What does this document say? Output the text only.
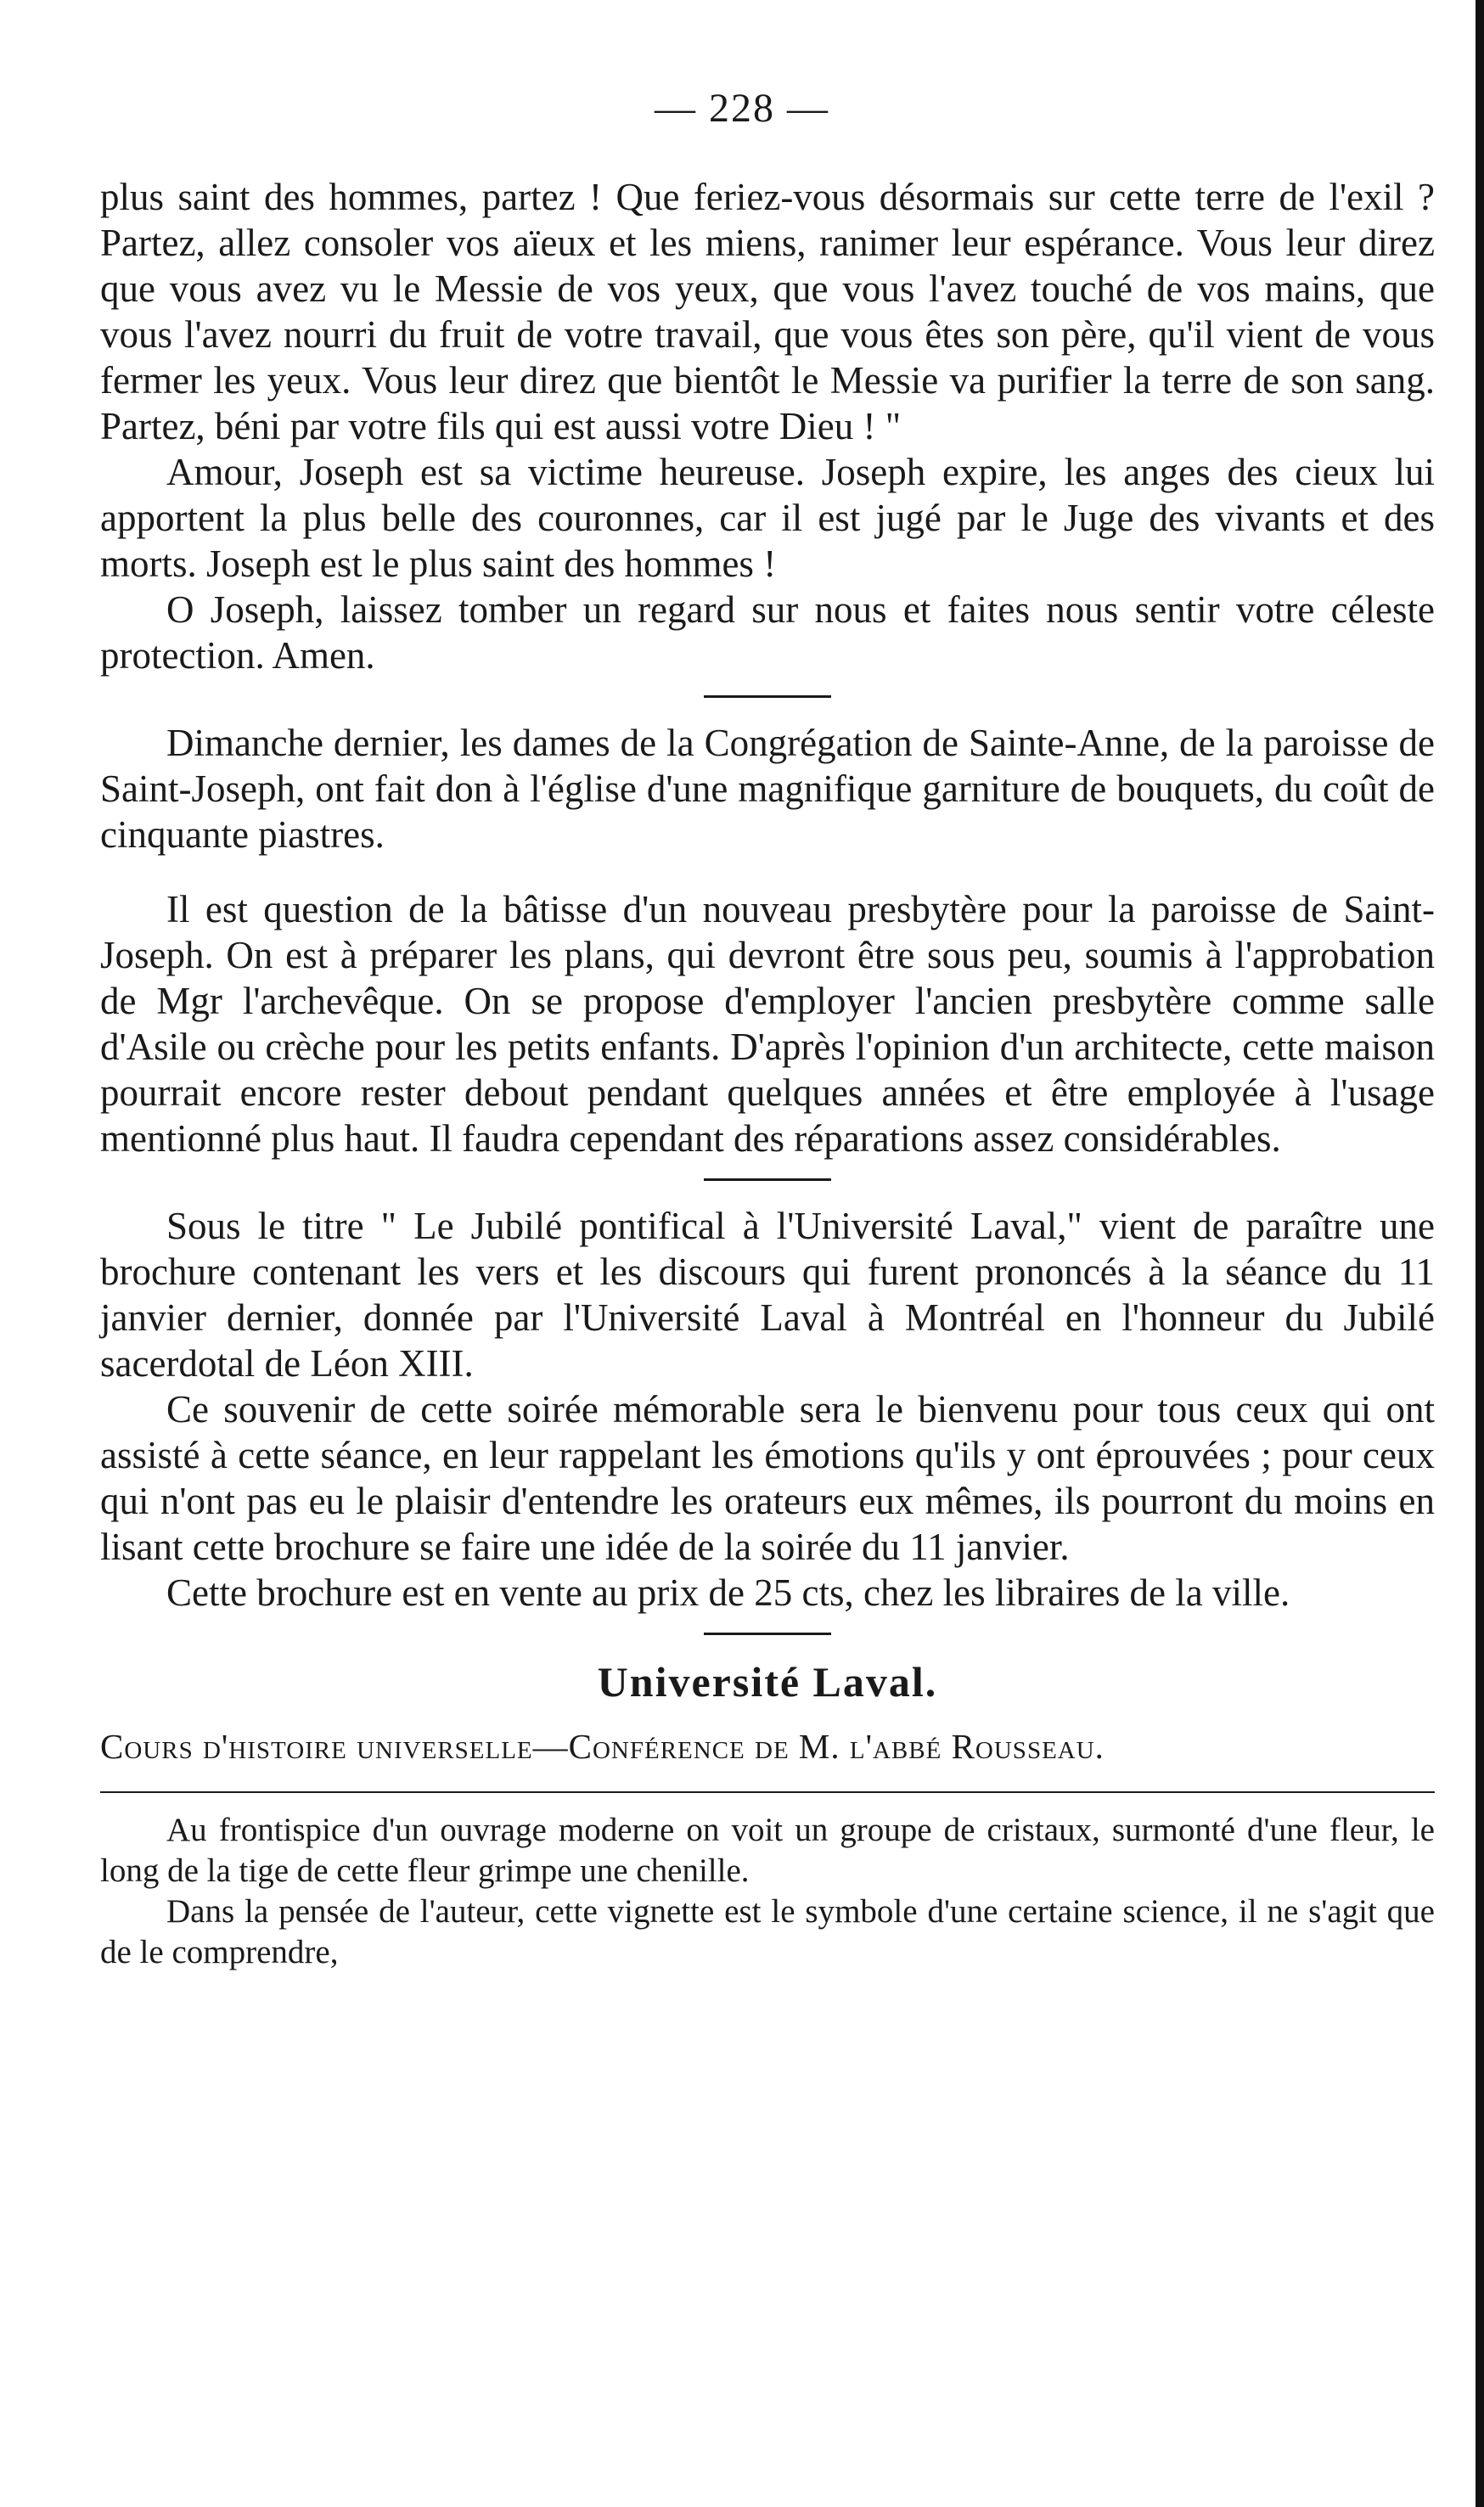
— 228 —

plus saint des hommes, partez ! Que feriez-vous désormais sur cette terre de l'exil ? Partez, allez consoler vos aïeux et les miens, ranimer leur espérance. Vous leur direz que vous avez vu le Messie de vos yeux, que vous l'avez touché de vos mains, que vous l'avez nourri du fruit de votre travail, que vous êtes son père, qu'il vient de vous fermer les yeux. Vous leur direz que bientôt le Messie va purifier la terre de son sang. Partez, béni par votre fils qui est aussi votre Dieu ! "

Amour, Joseph est sa victime heureuse. Joseph expire, les anges des cieux lui apportent la plus belle des couronnes, car il est jugé par le Juge des vivants et des morts. Joseph est le plus saint des hommes !

O Joseph, laissez tomber un regard sur nous et faites nous sentir votre céleste protection. Amen.

Dimanche dernier, les dames de la Congrégation de Sainte-Anne, de la paroisse de Saint-Joseph, ont fait don à l'église d'une magnifique garniture de bouquets, du coût de cinquante piastres.

Il est question de la bâtisse d'un nouveau presbytère pour la paroisse de Saint-Joseph. On est à préparer les plans, qui devront être sous peu, soumis à l'approbation de Mgr l'archevêque. On se propose d'employer l'ancien presbytère comme salle d'Asile ou crèche pour les petits enfants. D'après l'opinion d'un architecte, cette maison pourrait encore rester debout pendant quelques années et être employée à l'usage mentionné plus haut. Il faudra cependant des réparations assez considérables.

Sous le titre " Le Jubilé pontifical à l'Université Laval," vient de paraître une brochure contenant les vers et les discours qui furent prononcés à la séance du 11 janvier dernier, donnée par l'Université Laval à Montréal en l'honneur du Jubilé sacerdotal de Léon XIII.

Ce souvenir de cette soirée mémorable sera le bienvenu pour tous ceux qui ont assisté à cette séance, en leur rappelant les émotions qu'ils y ont éprouvées ; pour ceux qui n'ont pas eu le plaisir d'entendre les orateurs eux mêmes, ils pourront du moins en lisant cette brochure se faire une idée de la soirée du 11 janvier.

Cette brochure est en vente au prix de 25 cts, chez les libraires de la ville.

Université Laval.
Cours d'histoire universelle—Conférence de M. l'abbé Rousseau.

Au frontispice d'un ouvrage moderne on voit un groupe de cristaux, surmonté d'une fleur, le long de la tige de cette fleur grimpe une chenille.

Dans la pensée de l'auteur, cette vignette est le symbole d'une certaine science, il ne s'agit que de le comprendre,
